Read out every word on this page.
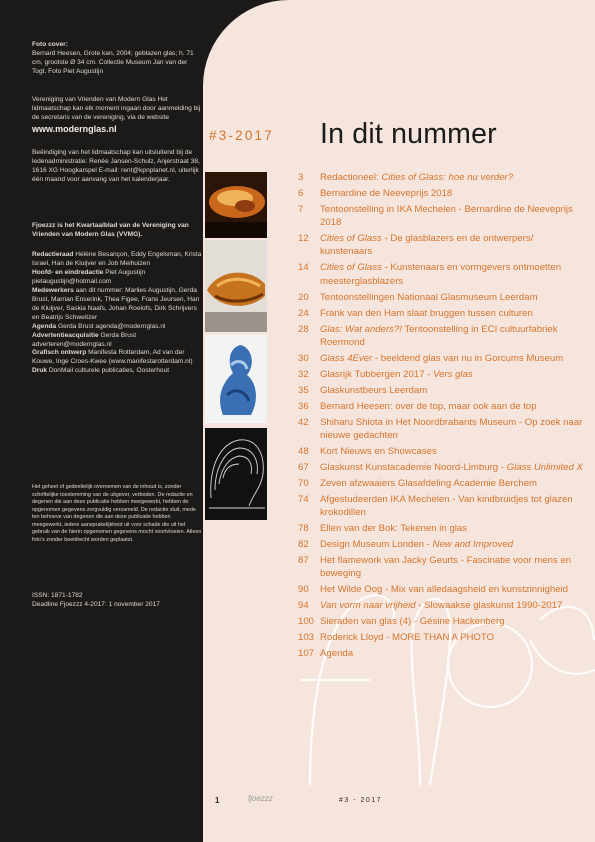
Foto cover:

Bernard Heesen, Grote kan, 2004; geblazen glas; h. 71 cm, grootste Ø 34 cm. Collectie Museum Jan van der Togt. Foto Piet Augustijn

Vereniging van Vrienden van Modern Glas Het lidmaatschap kan elk moment ingaan door aanmelding bij de secretaris van de vereniging, via de website

www.modernglas.nl

Beëindiging van het lidmaatschap kan uitsluitend bij de ledenadministratie: Renée Jansen-Schulz, Anjerstraat 38, 1616 XG Hoogkarspel E-mail: rent@kpnplanet.nl, uiterlijk één maand voor aanvang van het kalenderjaar.

Fjoezzz is het Kwartaalblad van de Vereniging van Vrienden van Modern Glas (VVMG).

Redactieraad Hélène Besançon, Eddy Engelsman, Krista Israel, Han de Kluijver en Job Meihuizen

Hoofd- en eindredactie Piet Augustijn pietaugustijn@hotmail.com

Medewerkers aan dit nummer: Marlies Augustijn, Gerda Brust, Marrian Enserink, Thea Figee, Frans Jeursen, Han de Kluijver, Saskia Naafs, Johan Roelofs, Dirk Schrijvers en Beatrijs Schweitzer

Agenda Gerda Brust agenda@modernglas.nl

Advertentieacquisitie Gerda Brust adverteren@modernglas.nl

Grafisch ontwerp Manifesta Rotterdam, Ad van der Kouwe, Inge Croes-Kwee (www.manifestarotterdam.nl)

Druk DonMail culturele publicaties, Oosterhout

Het geheel of gedeeltelijk overnemen van de inhoud is, zonder schriftelijke toestemming van de uitgever, verboden. De redactie en degenen die aan deze publicatie hebben meegewerkt, hebben de opgenomen gegevens zorgvuldig verzameld. De redactie sluit, mede ten behoeve van degenen die aan deze publicatie hebben meegewerkt, iedere aansprakelijkheid uit voor schade die uit het gebruik van de hierin opgenomen gegevens mocht voortvloeien. Alleen foto’s zonder beeldrecht worden geplaatst.

ISSN: 1871-1782

Deadline Fjoezzz 4-2017: 1 november 2017

#3-2017 In dit nummer
3 Redactioneel: Cities of Glass: hoe nu verder?
6 Bernardine de Neeveprijs 2018
7 Tentoonstelling in IKA Mechelen - Bernardine de Neeveprijs 2018
12 Cities of Glass - De glasblazers en de ontwerpers/ kunstenaars
14 Cities of Glass - Kunstenaars en vormgevers ontmoetten meesterglasblazers
20 Tentoonstellingen Nationaal Glasmuseum Leerdam
24 Frank van den Ham slaat bruggen tussen culturen
28 Glas: Wat anders?! Tentoonstelling in ECI cultuurfabriek Roermond
30 Glass 4Ever - beeldend glas van nu in Gorcums Museum
32 Glasrijk Tubbergen 2017 - Vers glas
35 Glaskunstbeurs Leerdam
36 Bernard Heesen: over de top, maar ook aan de top
42 Shiharu Shiota in Het Noordbrabants Museum - Op zoek naar nieuwe gedachten
48 Kort Nieuws en Showcases
67 Glaskunst Kunstacademie Noord-Limburg - Glass Unlimited X
70 Zeven afzwaaiers Glasafdeling Academie Berchem
74 Afgestudeerden IKA Mechelen - Van kindbruidjes tot glazen krokodillen
78 Ellen van der Bok: Tekenen in glas
82 Design Museum Londen - New and Improved
87 Het flamework van Jacky Geurts - Fascinatie voor mens en beweging
90 Het Wilde Oog - Mix van alledaagsheid en kunstzinnigheid
94 Van vorm naar vrijheid - Slowaakse glaskunst 1990-2017
100 Sieraden van glas (4) - Gésine Hackenberg
103 Roderick Lloyd - MORE THAN A PHOTO
107 Agenda
1	fjoezzz	#3 - 2017
